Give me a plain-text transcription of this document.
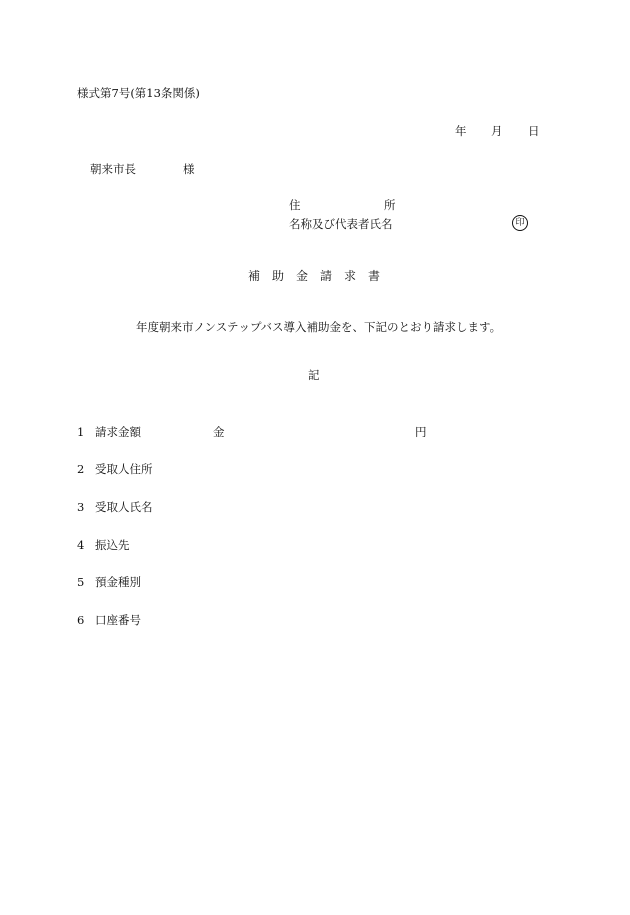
様式第7号(第13条関係)
年 月 日
朝来市長	様
住	所
名称及び代表者氏名	印
補　助　金　請　求　書
年度朝来市ノンステップバス導入補助金を、下記のとおり請求します。
記
1 請求金額	金	円
2 受取人住所
3 受取人氏名
4 振込先
5 預金種別
6 口座番号
